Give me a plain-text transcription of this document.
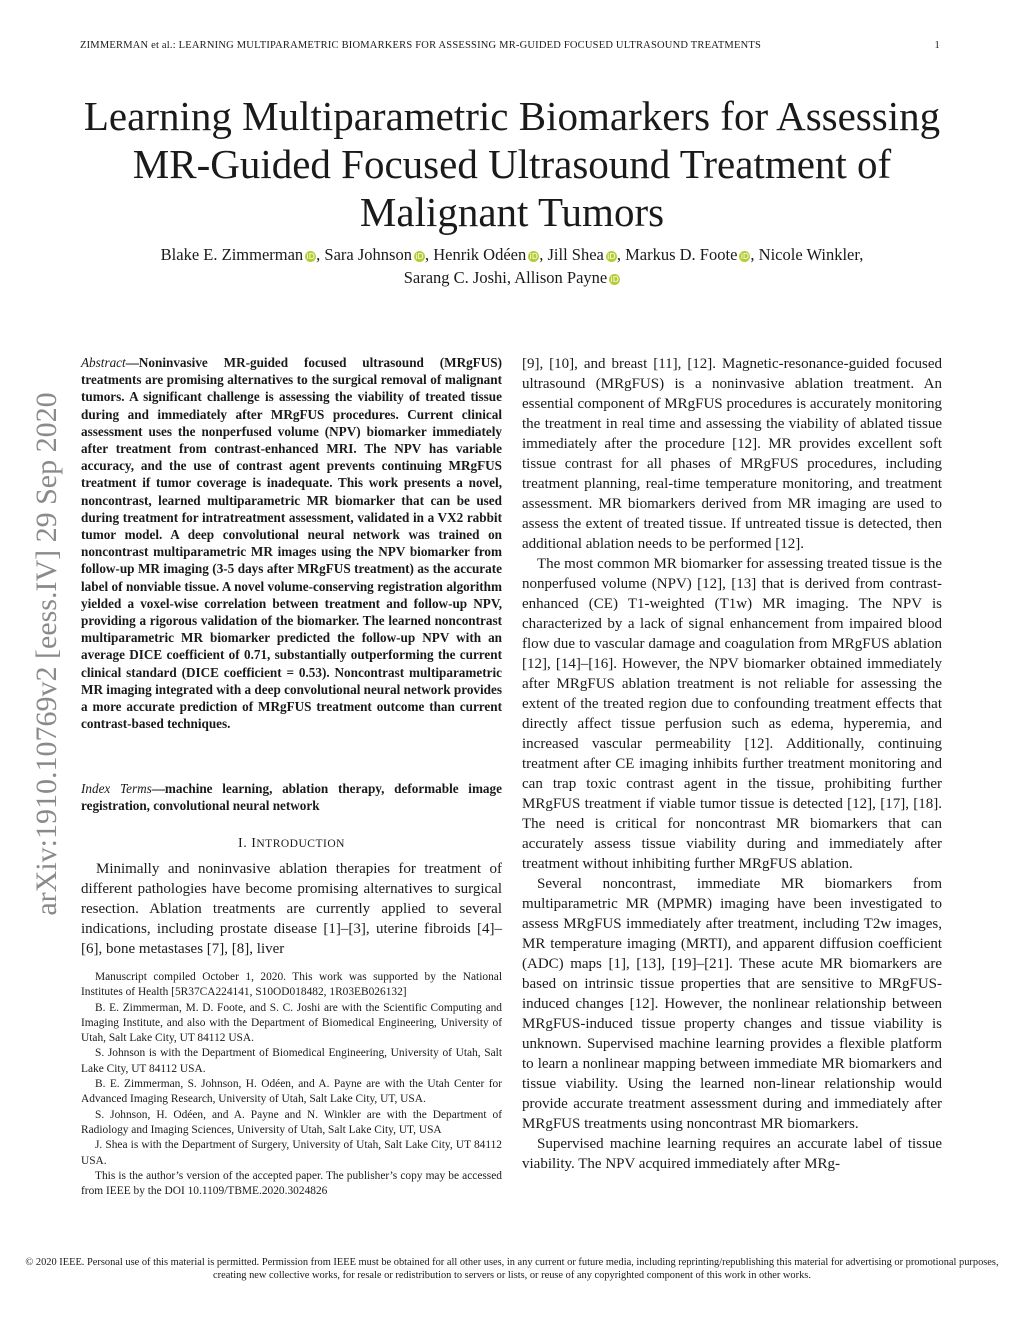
ZIMMERMAN et al.: LEARNING MULTIPARAMETRIC BIOMARKERS FOR ASSESSING MR-GUIDED FOCUSED ULTRASOUND TREATMENTS	1
Learning Multiparametric Biomarkers for Assessing MR-Guided Focused Ultrasound Treatment of Malignant Tumors
Blake E. Zimmerman iD, Sara Johnson iD, Henrik Odéen iD, Jill Shea iD, Markus D. Foote iD, Nicole Winkler,
Sarang C. Joshi, Allison Payne iD
arXiv:1910.10769v2 [eess.IV] 29 Sep 2020
Abstract—Noninvasive MR-guided focused ultrasound (MRgFUS) treatments are promising alternatives to the surgical removal of malignant tumors. A significant challenge is assessing the viability of treated tissue during and immediately after MRgFUS procedures. Current clinical assessment uses the nonperfused volume (NPV) biomarker immediately after treatment from contrast-enhanced MRI. The NPV has variable accuracy, and the use of contrast agent prevents continuing MRgFUS treatment if tumor coverage is inadequate. This work presents a novel, noncontrast, learned multiparametric MR biomarker that can be used during treatment for intratreatment assessment, validated in a VX2 rabbit tumor model. A deep convolutional neural network was trained on noncontrast multiparametric MR images using the NPV biomarker from follow-up MR imaging (3-5 days after MRgFUS treatment) as the accurate label of nonviable tissue. A novel volume-conserving registration algorithm yielded a voxel-wise correlation between treatment and follow-up NPV, providing a rigorous validation of the biomarker. The learned noncontrast multiparametric MR biomarker predicted the follow-up NPV with an average DICE coefficient of 0.71, substantially outperforming the current clinical standard (DICE coefficient = 0.53). Noncontrast multiparametric MR imaging integrated with a deep convolutional neural network provides a more accurate prediction of MRgFUS treatment outcome than current contrast-based techniques.
Index Terms—machine learning, ablation therapy, deformable image registration, convolutional neural network
I. INTRODUCTION

Minimally and noninvasive ablation therapies for treatment of different pathologies have become promising alternatives to surgical resection. Ablation treatments are currently applied to several indications, including prostate disease [1]–[3], uterine fibroids [4]–[6], bone metastases [7], [8], liver

Manuscript compiled October 1, 2020. This work was supported by the National Institutes of Health [5R37CA224141, S10OD018482, 1R03EB026132]

B. E. Zimmerman, M. D. Foote, and S. C. Joshi are with the Scientific Computing and Imaging Institute, and also with the Department of Biomedical Engineering, University of Utah, Salt Lake City, UT 84112 USA.

S. Johnson is with the Department of Biomedical Engineering, University of Utah, Salt Lake City, UT 84112 USA.

B. E. Zimmerman, S. Johnson, H. Odéen, and A. Payne are with the Utah Center for Advanced Imaging Research, University of Utah, Salt Lake City, UT, USA.

S. Johnson, H. Odéen, and A. Payne and N. Winkler are with the Department of Radiology and Imaging Sciences, University of Utah, Salt Lake City, UT, USA

J. Shea is with the Department of Surgery, University of Utah, Salt Lake City, UT 84112 USA.

This is the author’s version of the accepted paper. The publisher’s copy may be accessed from IEEE by the DOI 10.1109/TBME.2020.3024826

[9], [10], and breast [11], [12]. Magnetic-resonance-guided focused ultrasound (MRgFUS) is a noninvasive ablation treatment. An essential component of MRgFUS procedures is accurately monitoring the treatment in real time and assessing the viability of ablated tissue immediately after the procedure [12]. MR provides excellent soft tissue contrast for all phases of MRgFUS procedures, including treatment planning, real-time temperature monitoring, and treatment assessment. MR biomarkers derived from MR imaging are used to assess the extent of treated tissue. If untreated tissue is detected, then additional ablation needs to be performed [12].

The most common MR biomarker for assessing treated tissue is the nonperfused volume (NPV) [12], [13] that is derived from contrast-enhanced (CE) T1-weighted (T1w) MR imaging. The NPV is characterized by a lack of signal enhancement from impaired blood flow due to vascular damage and coagulation from MRgFUS ablation [12], [14]–[16]. However, the NPV biomarker obtained immediately after MRgFUS ablation treatment is not reliable for assessing the extent of the treated region due to confounding treatment effects that directly affect tissue perfusion such as edema, hyperemia, and increased vascular permeability [12]. Additionally, continuing treatment after CE imaging inhibits further treatment monitoring and can trap toxic contrast agent in the tissue, prohibiting further MRgFUS treatment if viable tumor tissue is detected [12], [17], [18]. The need is critical for noncontrast MR biomarkers that can accurately assess tissue viability during and immediately after treatment without inhibiting further MRgFUS ablation.

Several noncontrast, immediate MR biomarkers from multiparametric MR (MPMR) imaging have been investigated to assess MRgFUS immediately after treatment, including T2w images, MR temperature imaging (MRTI), and apparent diffusion coefficient (ADC) maps [1], [13], [19]–[21]. These acute MR biomarkers are based on intrinsic tissue properties that are sensitive to MRgFUS-induced changes [12]. However, the nonlinear relationship between MRgFUS-induced tissue property changes and tissue viability is unknown. Supervised machine learning provides a flexible platform to learn a nonlinear mapping between immediate MR biomarkers and tissue viability. Using the learned non-linear relationship would provide accurate treatment assessment during and immediately after MRgFUS treatments using noncontrast MR biomarkers.

Supervised machine learning requires an accurate label of tissue viability. The NPV acquired immediately after MRg-

© 2020 IEEE. Personal use of this material is permitted. Permission from IEEE must be obtained for all other uses, in any current or future media, including reprinting/republishing this material for advertising or promotional purposes, creating new collective works, for resale or redistribution to servers or lists, or reuse of any copyrighted component of this work in other works.
